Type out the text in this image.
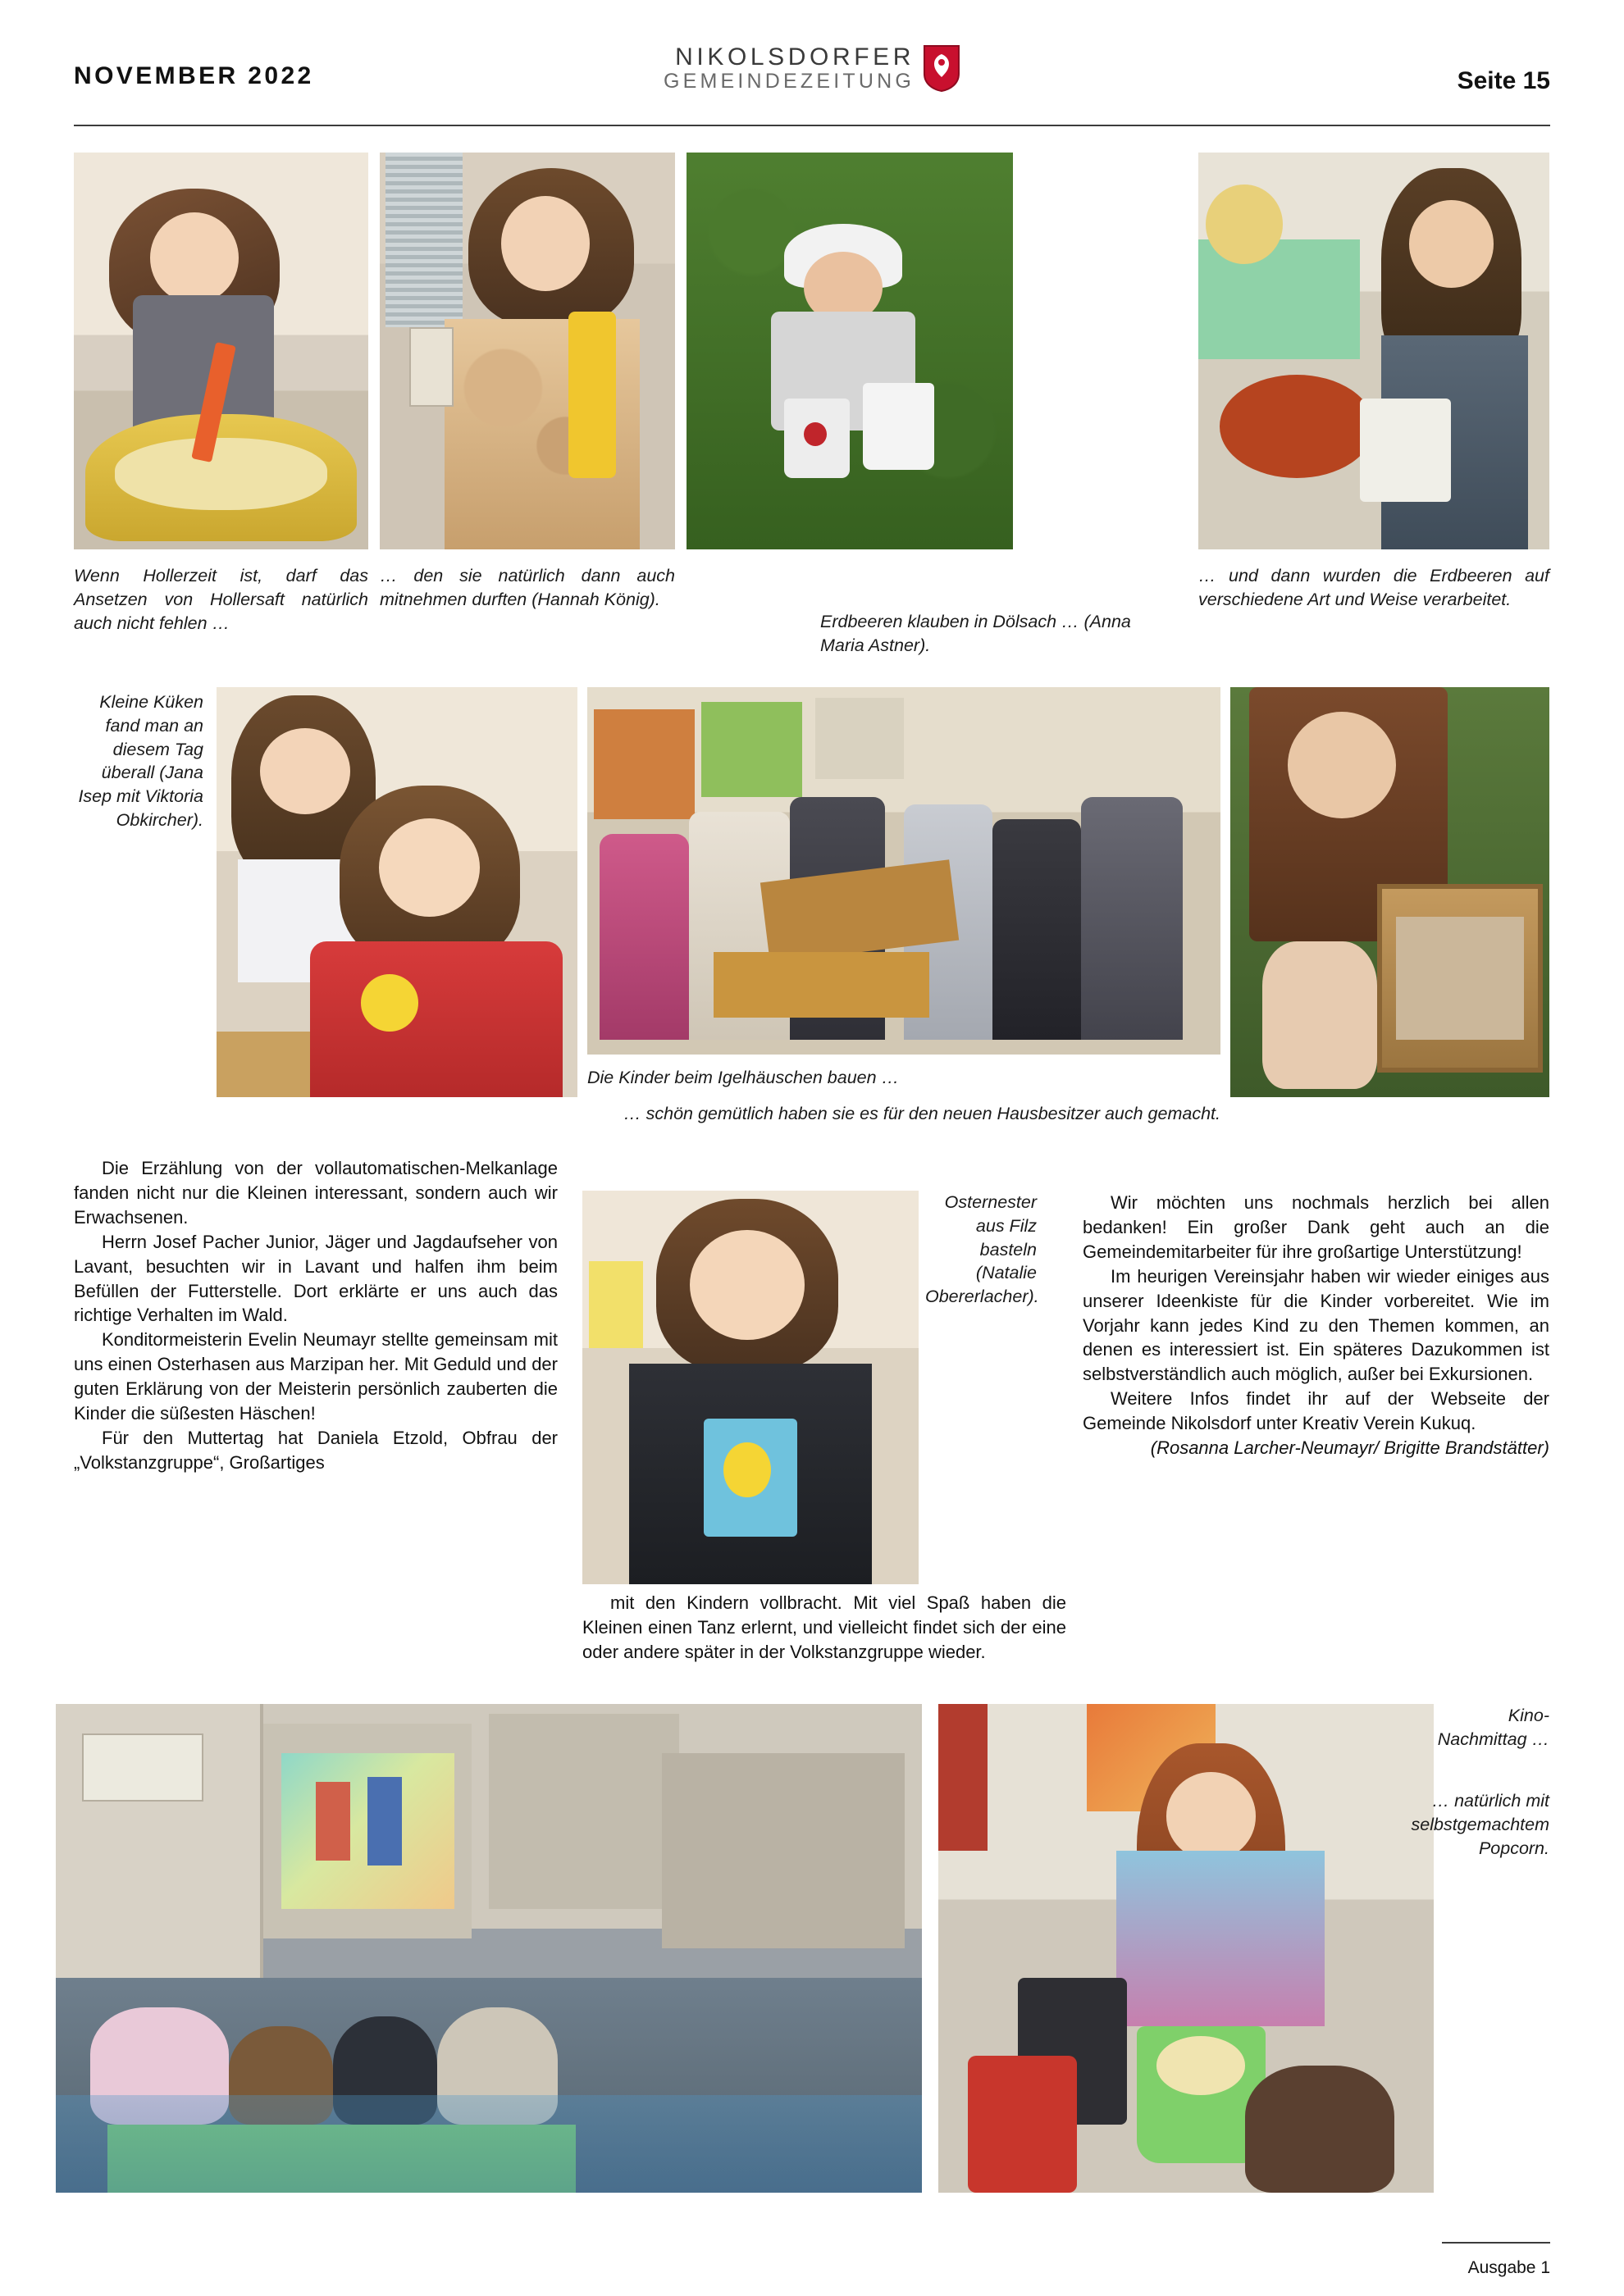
NOVEMBER 2022
NIKOLSDORFER
GEMEINDEZEITUNG	Seite 15
Wenn Hollerzeit ist, darf das Ansetzen von Hollersaft natürlich auch nicht fehlen …
… den sie natürlich dann auch mitnehmen durften (Hannah König).
Erdbeeren klauben in Dölsach … (Anna Maria Astner).
… und dann wurden die Erdbeeren auf verschiedene Art und Weise verarbeitet.
Kleine Küken fand man an diesem Tag überall (Jana Isep mit Viktoria Obkircher).
Die Kinder beim Igelhäuschen bauen …
… schön gemütlich haben sie es für den neuen Hausbesitzer auch gemacht.

Die Erzählung von der vollautomatischen-Melkanlage fanden nicht nur die Kleinen interessant, sondern auch wir Erwachsenen.

Herrn Josef Pacher Junior, Jäger und Jagdaufseher von Lavant, besuchten wir in Lavant und halfen ihm beim Befüllen der Futterstelle. Dort erklärte er uns auch das richtige Verhalten im Wald.

Konditormeisterin Evelin Neumayr stellte gemeinsam mit uns einen Osterhasen aus Marzipan her. Mit Geduld und der guten Erklärung von der Meisterin persönlich zauberten die Kinder die süßesten Häschen!

Für den Muttertag hat Daniela Etzold, Obfrau der „Volkstanzgruppe“, Großartiges

Osternester aus Filz basteln (Natalie Obererlacher).

mit den Kindern vollbracht. Mit viel Spaß haben die Kleinen einen Tanz erlernt, und vielleicht findet sich der eine oder andere später in der Volkstanzgruppe wieder.

Wir möchten uns nochmals herzlich bei allen bedanken! Ein großer Dank geht auch an die Gemeindemitarbeiter für ihre großartige Unterstützung!

Im heurigen Vereinsjahr haben wir wieder einiges aus unserer Ideenkiste für die Kinder vorbereitet. Wie im Vorjahr kann jedes Kind zu den Themen kommen, an denen es interessiert ist. Ein späteres Dazukommen ist selbstverständlich auch möglich, außer bei Exkursionen.

Weitere Infos findet ihr auf der Webseite der Gemeinde Nikolsdorf unter Kreativ Verein Kukuq.

(Rosanna Larcher-Neumayr/ Brigitte Brandstätter)

Kino-Nachmittag …
… natürlich mit selbstgemachtem Popcorn.
Ausgabe 1
